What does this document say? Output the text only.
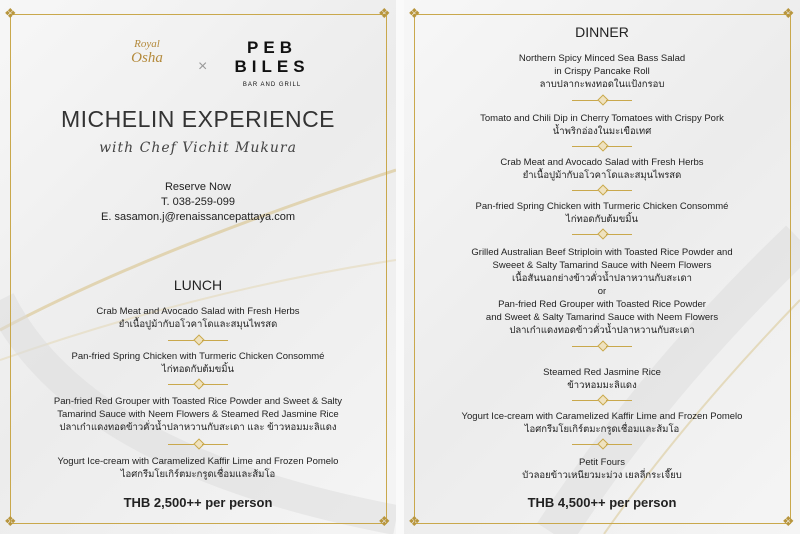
❖	❖
❖	❖
Royal
Osha	×
PEB
BILES
BAR AND GRILL
MICHELIN EXPERIENCE
with Chef Vichit Mukura
Reserve Now
T. 038-259-099
E. sasamon.j@renaissancepattaya.com
LUNCH
Crab Meat and Avocado Salad with Fresh Herbs
ยำเนื้อปูม้ากับอโวคาโดและสมุนไพรสด
Pan-fried Spring Chicken with Turmeric Chicken Consommé
ไก่ทอดกับต้มขมิ้น
Pan-fried Red Grouper with Toasted Rice Powder and Sweet & Salty
Tamarind Sauce with Neem Flowers & Steamed Red Jasmine Rice
ปลาเก๋าแดงทอดข้าวคั่วน้ำปลาหวานกับสะเดา และ ข้าวหอมมะลิแดง
Yogurt Ice-cream with Caramelized Kaffir Lime and Frozen Pomelo
ไอศกรีมโยเกิร์ตมะกรูดเชื่อมและส้มโอ
THB 2,500++ per person
❖	❖
❖	❖
DINNER
Northern Spicy Minced Sea Bass Salad
in Crispy Pancake Roll
ลาบปลากะพงทอดในแป้งกรอบ
Tomato and Chili Dip in Cherry Tomatoes with Crispy Pork
น้ำพริกอ่องในมะเขือเทศ
Crab Meat and Avocado Salad with Fresh Herbs
ยำเนื้อปูม้ากับอโวคาโดและสมุนไพรสด
Pan-fried Spring Chicken with Turmeric Chicken Consommé
ไก่ทอดกับต้มขมิ้น
Grilled Australian Beef Striploin with Toasted Rice Powder and
Sweeet & Salty Tamarind Sauce with Neem Flowers
เนื้อสันนอกย่างข้าวคั่วน้ำปลาหวานกับสะเดา
or
Pan-fried Red Grouper with Toasted Rice Powder
and Sweet & Salty Tamarind Sauce with Neem Flowers
ปลาเก๋าแดงทอดข้าวคั่วน้ำปลาหวานกับสะเดา
Steamed Red Jasmine Rice
ข้าวหอมมะลิแดง
Yogurt Ice-cream with Caramelized Kaffir Lime and Frozen Pomelo
ไอศกรีมโยเกิร์ตมะกรูดเชื่อมและส้มโอ
Petit Fours
บัวลอยข้าวเหนียวมะม่วง เยลลี่กระเจี๊ยบ
THB 4,500++ per person
